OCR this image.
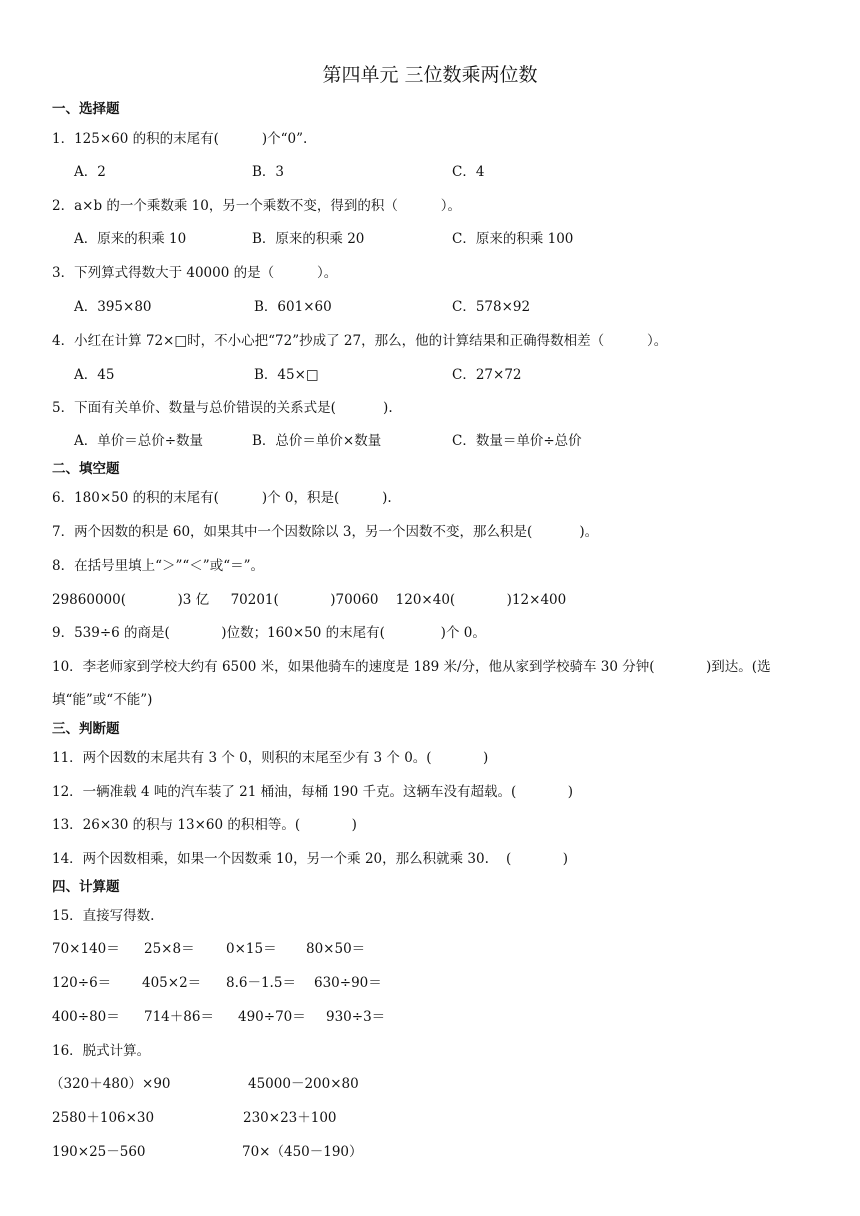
第四单元 三位数乘两位数
一、选择题
1．125×60 的积的末尾有(          )个“0”.
A．2	B．3	C．4
2．a×b 的一个乘数乘 10，另一个乘数不变，得到的积（          ）。
A．原来的积乘 10	B．原来的积乘 20	C．原来的积乘 100
3．下列算式得数大于 40000 的是（          ）。
A．395×80	B．601×60	C．578×92
4．小红在计算 72×□时，不小心把“72”抄成了 27，那么，他的计算结果和正确得数相差（          ）。
A．45	B．45×□	C．27×72
5．下面有关单价、数量与总价错误的关系式是(           ).
A．单价＝总价÷数量	B．总价＝单价×数量	C．数量＝单价÷总价
二、填空题
6．180×50 的积的末尾有(          )个 0，积是(          ).
7．两个因数的积是 60，如果其中一个因数除以 3，另一个因数不变，那么积是(           )。
8．在括号里填上“＞”“＜”或“＝”。
29860000(            )3 亿     70201(            )70060    120×40(            )12×400
9．539÷6 的商是(            )位数；160×50 的末尾有(             )个 0。
10．李老师家到学校大约有 6500 米，如果他骑车的速度是 189 米/分，他从家到学校骑车 30 分钟(            )到达。(选
填“能”或“不能”)
三、判断题
11．两个因数的末尾共有 3 个 0，则积的末尾至少有 3 个 0。(            )
12．一辆准载 4 吨的汽车装了 21 桶油，每桶 190 千克。这辆车没有超载。(            )
13．26×30 的积与 13×60 的积相等。(            )
14．两个因数相乘，如果一个因数乘 10，另一个乘 20，那么积就乘 30.    (            )
四、计算题
15．直接写得数.
70×140＝ 25×8＝ 0×15＝ 80×50＝
120÷6＝ 405×2＝ 8.6－1.5＝ 630÷90＝
400÷80＝ 714＋86＝ 490÷70＝ 930÷3＝
16．脱式计算。
（320＋480）×90	45000－200×80
2580＋106×30	230×23＋100
190×25－560	70×（450－190）
